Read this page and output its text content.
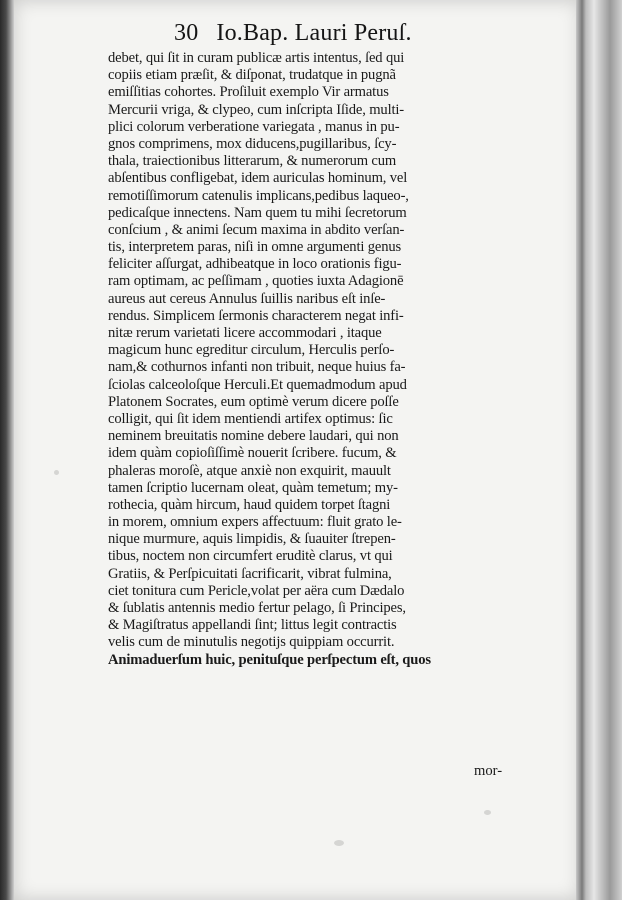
30 Io.Bap. Lauri Peruſ.
debet, qui ſit in curam publicæ artis intentus, ſed qui
copiis etiam præſit, & diſponat, trudatque in pugnã
emiſſitias cohortes. Proſiluit exemplo Vir armatus
Mercurii vriga, & clypeo, cum inſcripta Iſide, multi-
plici colorum verberatione variegata , manus in pu-
gnos comprimens, mox diducens,pugillaribus, ſcy-
thala, traiectionibus litterarum, & numerorum cum
abſentibus confligebat, idem auriculas hominum, vel
remotiſſimorum catenulis implicans,pedibus laqueo-,
pedicaſque innectens. Nam quem tu mihi ſecretorum
conſcium , & animi ſecum maxima in abdito verſan-
tis, interpretem paras, niſi in omne argumenti genus
feliciter aſſurgat, adhibeatque in loco orationis figu-
ram optimam, ac peſſimam , quoties iuxta Adagionē
aureus aut cereus Annulus ſuillis naribus eſt inſe-
rendus. Simplicem ſermonis characterem negat infi-
nitæ rerum varietati licere accommodari , itaque
magicum hunc egreditur circulum, Herculis perſo-
nam,& cothurnos infanti non tribuit, neque huius fa-
ſciolas calceoloſque Herculi.Et quemadmodum apud
Platonem Socrates, eum optimè verum dicere poſſe
colligit, qui ſit idem mentiendi artifex optimus: ſic
neminem breuitatis nomine debere laudari, qui non
idem quàm copioſiſſimè nouerit ſcribere. fucum, &
phaleras moroſè, atque anxiè non exquirit, mauult
tamen ſcriptio lucernam oleat, quàm temetum; my-
rothecia, quàm hircum, haud quidem torpet ſtagni
in morem, omnium expers affectuum: fluit grato le-
nique murmure, aquis limpidis, & ſuauiter ſtrepen-
tibus, noctem non circumfert eruditè clarus, vt qui
Gratiis, & Perſpicuitati ſacrificarit, vibrat fulmina,
ciet tonitura cum Pericle,volat per aëra cum Dædalo
& ſublatis antennis medio fertur pelago, ſi Principes,
& Magiſtratus appellandi ſint; littus legit contractis
velis cum de minutulis negotijs quippiam occurrit.
Animaduerſum huic, penituſque perſpectum eſt, quos
mor-
